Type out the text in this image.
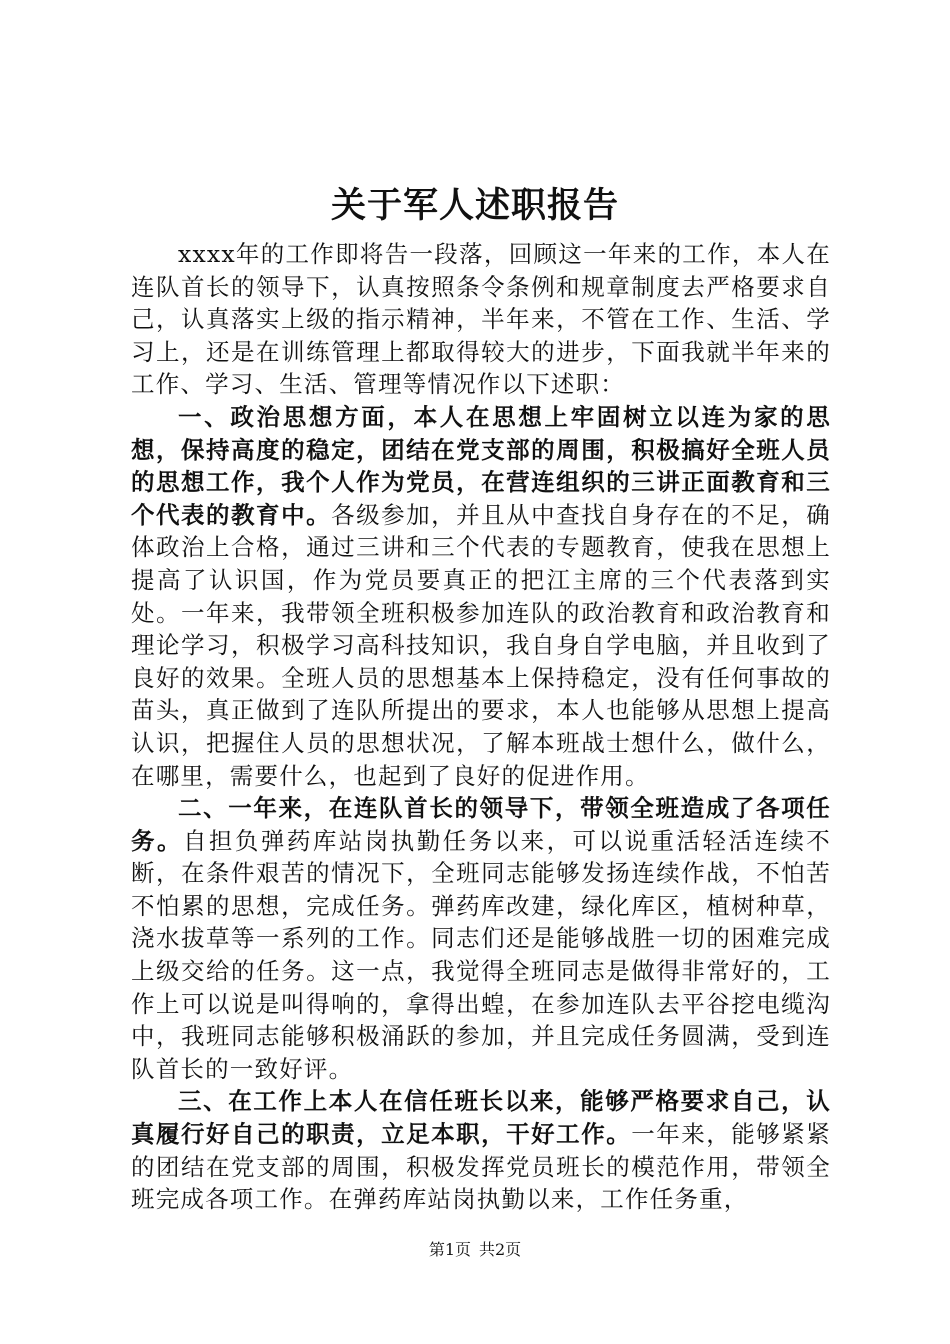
关于军人述职报告

xxxx年的工作即将告一段落，回顾这一年来的工作，本人在连队首长的领导下，认真按照条令条例和规章制度去严格要求自己，认真落实上级的指示精神，半年来，不管在工作、生活、学习上，还是在训练管理上都取得较大的进步，下面我就半年来的工作、学习、生活、管理等情况作以下述职：

一、政治思想方面，本人在思想上牢固树立以连为家的思想，保持高度的稳定，团结在党支部的周围，积极搞好全班人员的思想工作，我个人作为党员，在营连组织的三讲正面教育和三个代表的教育中。各级参加，并且从中查找自身存在的不足，确体政治上合格，通过三讲和三个代表的专题教育，使我在思想上提高了认识国，作为党员要真正的把江主席的三个代表落到实处。一年来，我带领全班积极参加连队的政治教育和政治教育和理论学习，积极学习高科技知识，我自身自学电脑，并且收到了良好的效果。全班人员的思想基本上保持稳定，没有任何事故的苗头，真正做到了连队所提出的要求，本人也能够从思想上提高认识，把握住人员的思想状况，了解本班战士想什么，做什么，在哪里，需要什么，也起到了良好的促进作用。

二、一年来，在连队首长的领导下，带领全班造成了各项任务。自担负弹药库站岗执勤任务以来，可以说重活轻活连续不断，在条件艰苦的情况下，全班同志能够发扬连续作战，不怕苦不怕累的思想，完成任务。弹药库改建，绿化库区，植树种草，浇水拔草等一系列的工作。同志们还是能够战胜一切的困难完成上级交给的任务。这一点，我觉得全班同志是做得非常好的，工作上可以说是叫得响的，拿得出蝗，在参加连队去平谷挖电缆沟中，我班同志能够积极涌跃的参加，并且完成任务圆满，受到连队首长的一致好评。

三、在工作上本人在信任班长以来，能够严格要求自己，认真履行好自己的职责，立足本职，干好工作。一年来，能够紧紧的团结在党支部的周围，积极发挥党员班长的模范作用，带领全班完成各项工作。在弹药库站岗执勤以来，工作任务重，

第1页 共2页
